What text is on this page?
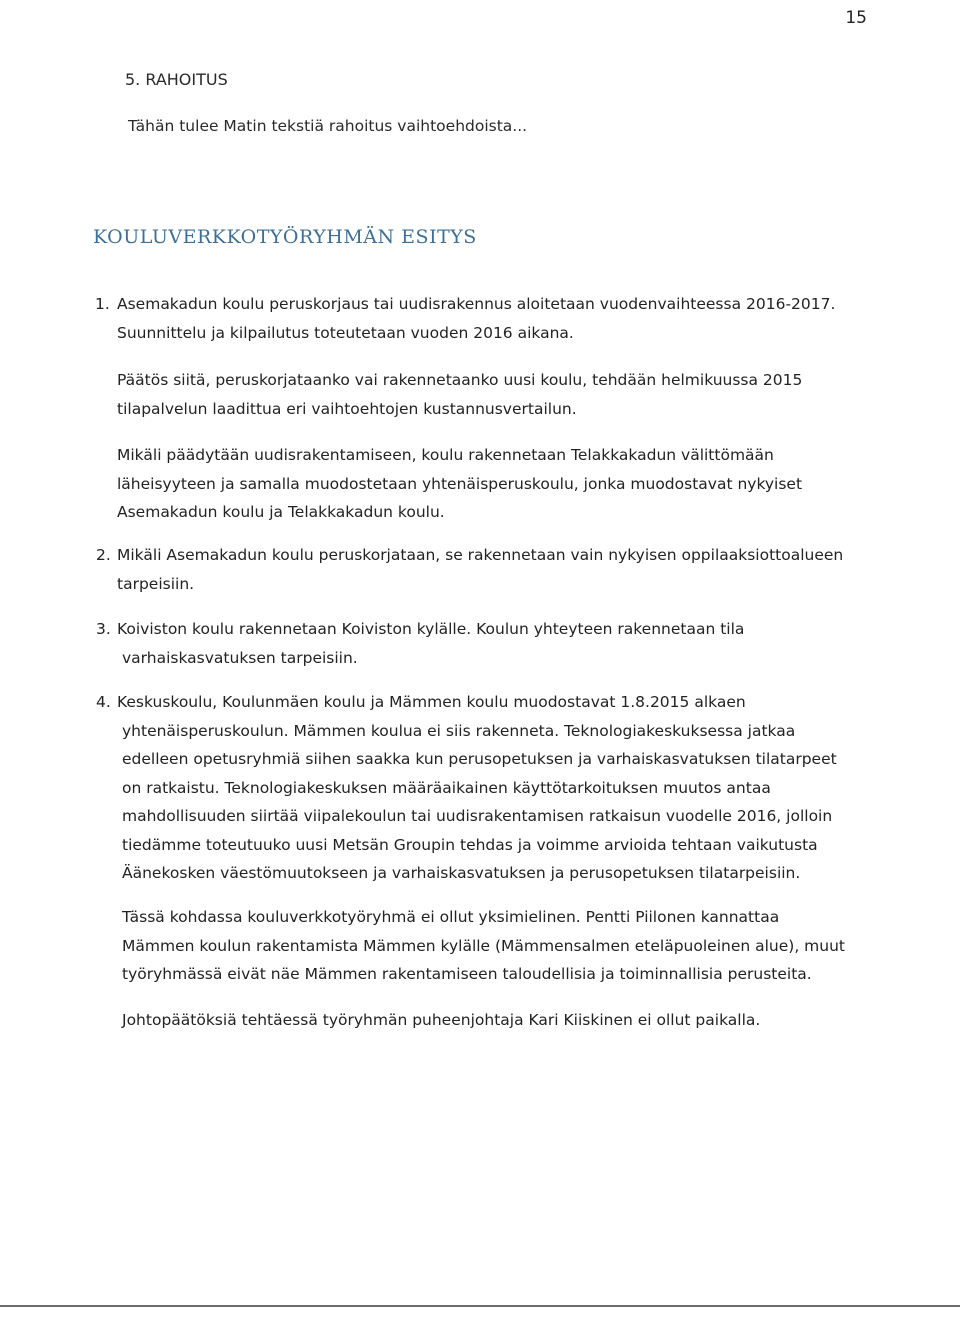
15
5. RAHOITUS
Tähän tulee Matin tekstiä rahoitus vaihtoehdoista...
KOULUVERKKOTYÖRYHMÄN ESITYS
1. Asemakadun koulu peruskorjaus tai uudisrakennus aloitetaan vuodenvaihteessa 2016-2017.
Suunnittelu ja kilpailutus toteutetaan vuoden 2016 aikana.
Päätös siitä, peruskorjataanko vai rakennetaanko uusi koulu, tehdään helmikuussa 2015
tilapalvelun laadittua eri vaihtoehtojen kustannusvertailun.
Mikäli päädytään uudisrakentamiseen, koulu rakennetaan Telakkakadun välittömään
läheisyyteen ja samalla muodostetaan yhtenäisperuskoulu, jonka muodostavat nykyiset
Asemakadun koulu ja Telakkakadun koulu.
2. Mikäli Asemakadun koulu peruskorjataan, se rakennetaan vain nykyisen oppilaaksiottoalueen
tarpeisiin.
3. Koiviston koulu rakennetaan Koiviston kylälle. Koulun yhteyteen rakennetaan tila
varhaiskasvatuksen tarpeisiin.
4. Keskuskoulu, Koulunmäen koulu ja Mämmen koulu muodostavat 1.8.2015 alkaen
yhtenäisperuskoulun. Mämmen koulua ei siis rakenneta. Teknologiakeskuksessa jatkaa
edelleen opetusryhmiä siihen saakka kun perusopetuksen ja varhaiskasvatuksen tilatarpeet
on ratkaistu. Teknologiakeskuksen määräaikainen käyttötarkoituksen muutos antaa
mahdollisuuden siirtää viipalekoulun tai uudisrakentamisen ratkaisun vuodelle 2016, jolloin
tiedämme toteutuuko uusi Metsän Groupin tehdas ja voimme arvioida tehtaan vaikutusta
Äänekosken väestömuutokseen ja varhaiskasvatuksen ja perusopetuksen tilatarpeisiin.
Tässä kohdassa kouluverkkotyöryhmä ei ollut yksimielinen. Pentti Piilonen kannattaa
Mämmen koulun rakentamista Mämmen kylälle (Mämmensalmen eteläpuoleinen alue), muut
työryhmässä eivät näe Mämmen rakentamiseen taloudellisia ja toiminnallisia perusteita.
Johtopäätöksiä tehtäessä työryhmän puheenjohtaja Kari Kiiskinen ei ollut paikalla.
